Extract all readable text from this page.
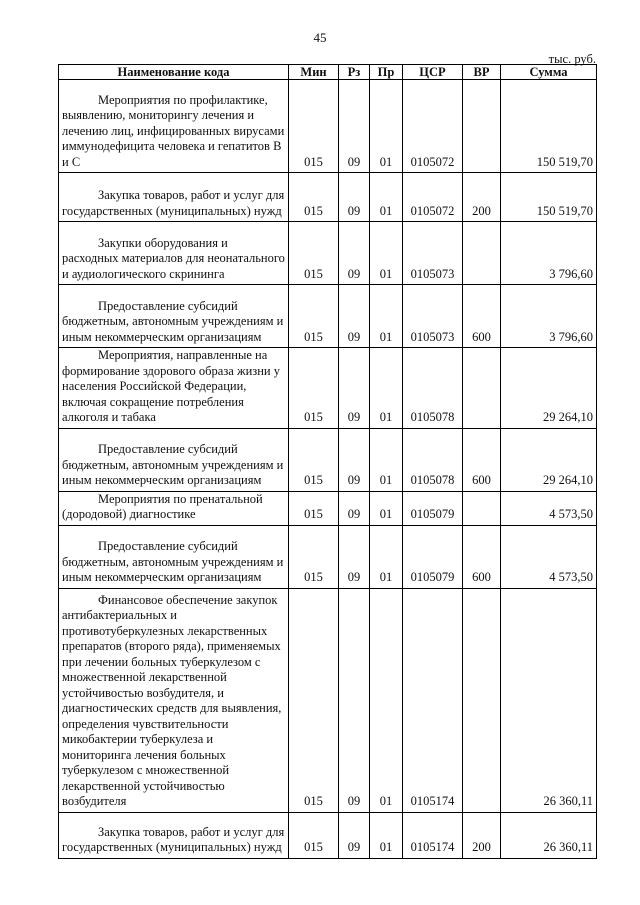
45
тыс. руб.
Наименование кода	Мин	Рз	Пр	ЦСР	ВР	Сумма
Мероприятия по профилактике, выявлению, мониторингу лечения и лечению лиц, инфицированных вирусами иммунодефицита человека и гепатитов В и С	015	09	01	0105072		150 519,70
Закупка товаров, работ и услуг для государственных (муниципальных) нужд	015	09	01	0105072	200	150 519,70
Закупки оборудования и расходных материалов для неонатального и аудиологического скрининга	015	09	01	0105073		3 796,60
Предоставление субсидий бюджетным, автономным учреждениям и иным некоммерческим организациям	015	09	01	0105073	600	3 796,60
Мероприятия, направленные на формирование здорового образа жизни у населения Российской Федерации, включая сокращение потребления алкоголя и табака	015	09	01	0105078		29 264,10
Предоставление субсидий бюджетным, автономным учреждениям и иным некоммерческим организациям	015	09	01	0105078	600	29 264,10
Мероприятия по пренатальной (дородовой) диагностике	015	09	01	0105079		4 573,50
Предоставление субсидий бюджетным, автономным учреждениям и иным некоммерческим организациям	015	09	01	0105079	600	4 573,50
Финансовое обеспечение закупок антибактериальных и противотуберкулезных лекарственных препаратов (второго ряда), применяемых при лечении больных туберкулезом с множественной лекарственной устойчивостью возбудителя, и диагностических средств для выявления, определения чувствительности микобактерии туберкулеза и мониторинга лечения больных туберкулезом с множественной лекарственной устойчивостью возбудителя	015	09	01	0105174		26 360,11
Закупка товаров, работ и услуг для государственных (муниципальных) нужд	015	09	01	0105174	200	26 360,11
